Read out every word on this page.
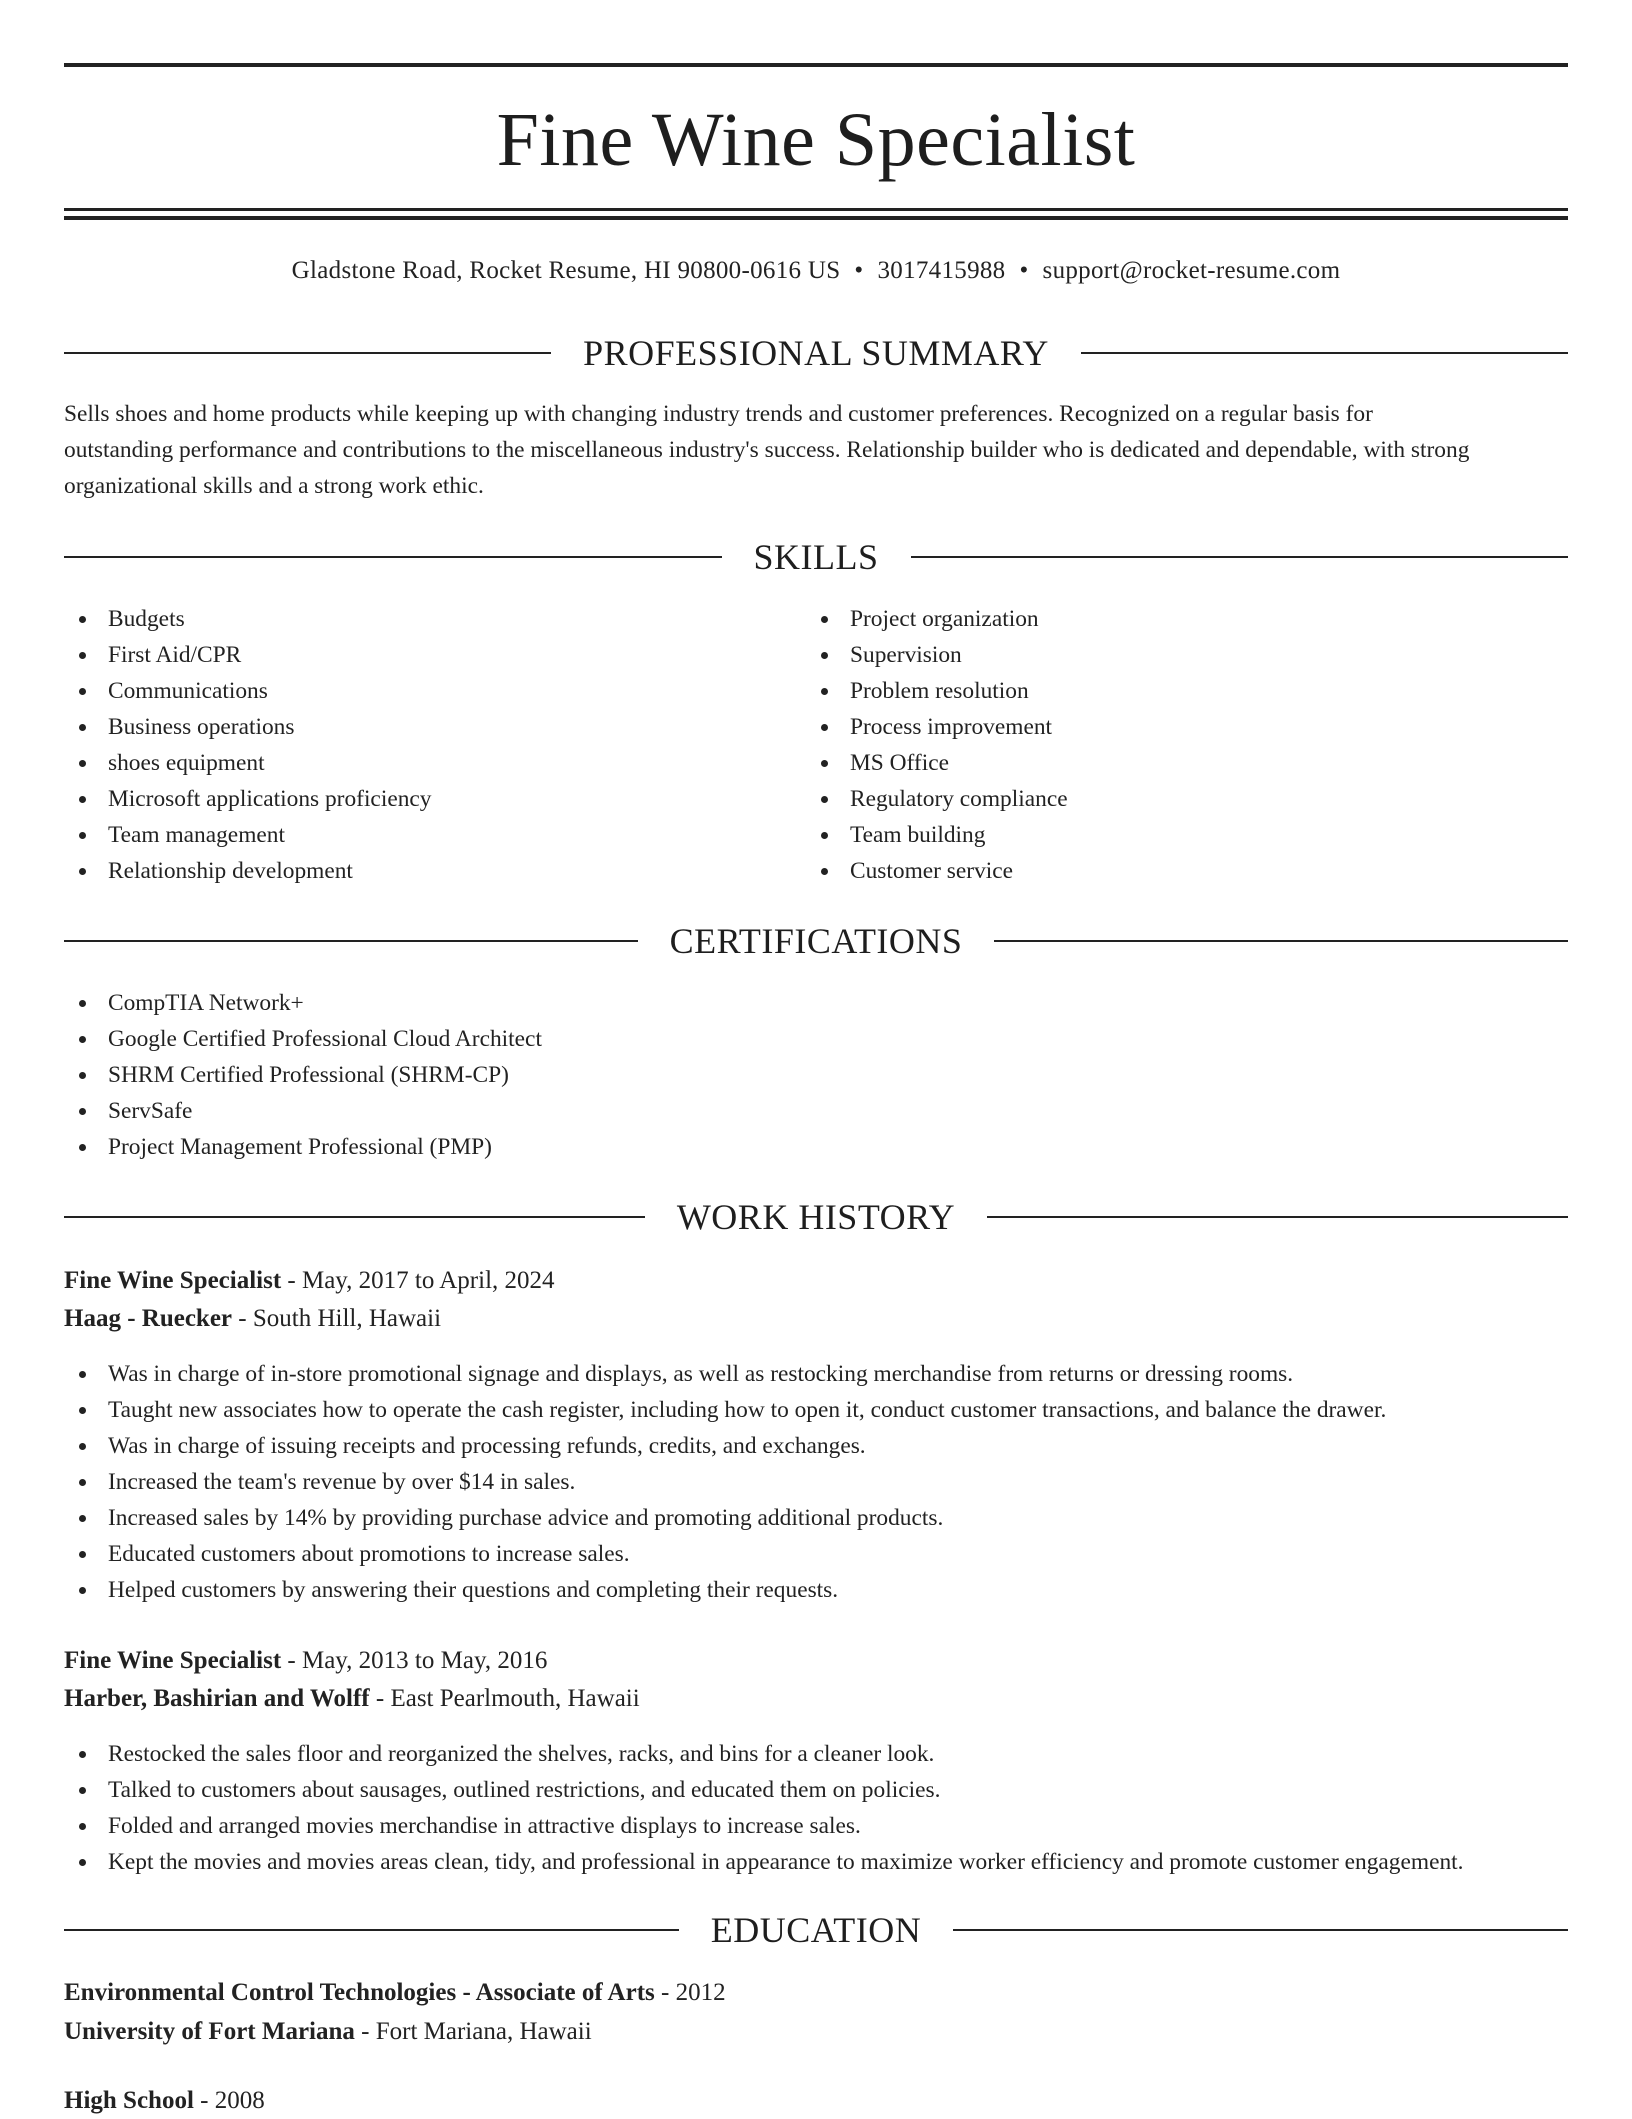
Fine Wine Specialist
Gladstone Road, Rocket Resume, HI 90800-0616 US • 3017415988 • support@rocket-resume.com
PROFESSIONAL SUMMARY
Sells shoes and home products while keeping up with changing industry trends and customer preferences. Recognized on a regular basis for
outstanding performance and contributions to the miscellaneous industry's success. Relationship builder who is dedicated and dependable, with strong
organizational skills and a strong work ethic.
SKILLS
Budgets
First Aid/CPR
Communications
Business operations
shoes equipment
Microsoft applications proficiency
Team management
Relationship development
Project organization
Supervision
Problem resolution
Process improvement
MS Office
Regulatory compliance
Team building
Customer service
CERTIFICATIONS
CompTIA Network+
Google Certified Professional Cloud Architect
SHRM Certified Professional (SHRM-CP)
ServSafe
Project Management Professional (PMP)
WORK HISTORY
Fine Wine Specialist - May, 2017 to April, 2024
Haag - Ruecker - South Hill, Hawaii
Was in charge of in-store promotional signage and displays, as well as restocking merchandise from returns or dressing rooms.
Taught new associates how to operate the cash register, including how to open it, conduct customer transactions, and balance the drawer.
Was in charge of issuing receipts and processing refunds, credits, and exchanges.
Increased the team's revenue by over $14 in sales.
Increased sales by 14% by providing purchase advice and promoting additional products.
Educated customers about promotions to increase sales.
Helped customers by answering their questions and completing their requests.
Fine Wine Specialist - May, 2013 to May, 2016
Harber, Bashirian and Wolff - East Pearlmouth, Hawaii
Restocked the sales floor and reorganized the shelves, racks, and bins for a cleaner look.
Talked to customers about sausages, outlined restrictions, and educated them on policies.
Folded and arranged movies merchandise in attractive displays to increase sales.
Kept the movies and movies areas clean, tidy, and professional in appearance to maximize worker efficiency and promote customer engagement.
EDUCATION
Environmental Control Technologies - Associate of Arts - 2012
University of Fort Mariana - Fort Mariana, Hawaii
High School - 2008
